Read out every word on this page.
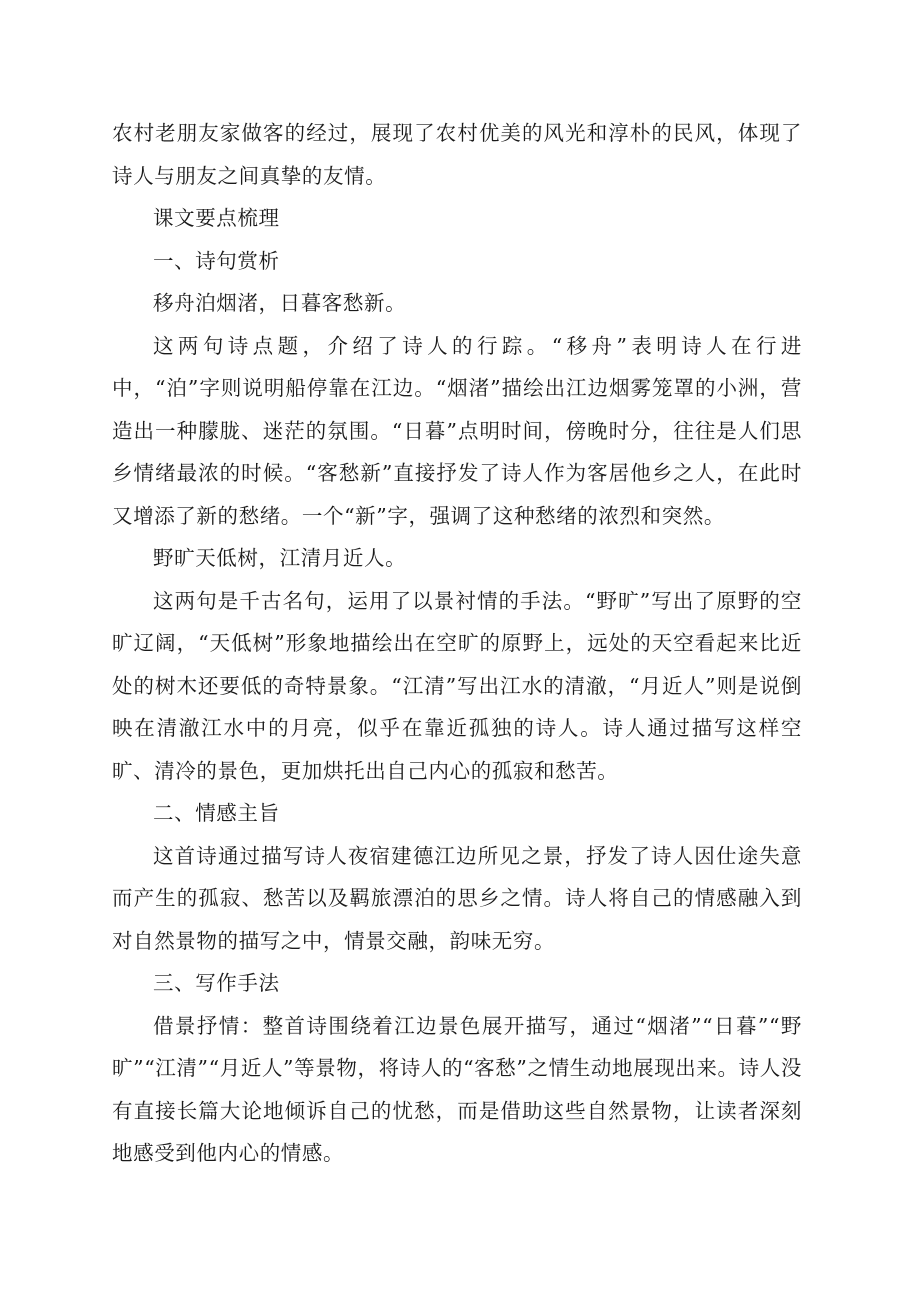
农村老朋友家做客的经过，展现了农村优美的风光和淳朴的民风，体现了诗人与朋友之间真挚的友情。

课文要点梳理

一、诗句赏析

移舟泊烟渚，日暮客愁新。

这两句诗点题，介绍了诗人的行踪。“移舟”表明诗人在行进中，“泊”字则说明船停靠在江边。“烟渚”描绘出江边烟雾笼罩的小洲，营造出一种朦胧、迷茫的氛围。“日暮”点明时间，傍晚时分，往往是人们思乡情绪最浓的时候。“客愁新”直接抒发了诗人作为客居他乡之人，在此时又增添了新的愁绪。一个“新”字，强调了这种愁绪的浓烈和突然。

野旷天低树，江清月近人。

这两句是千古名句，运用了以景衬情的手法。“野旷”写出了原野的空旷辽阔，“天低树”形象地描绘出在空旷的原野上，远处的天空看起来比近处的树木还要低的奇特景象。“江清”写出江水的清澈，“月近人”则是说倒映在清澈江水中的月亮，似乎在靠近孤独的诗人。诗人通过描写这样空旷、清冷的景色，更加烘托出自己内心的孤寂和愁苦。

二、情感主旨

这首诗通过描写诗人夜宿建德江边所见之景，抒发了诗人因仕途失意而产生的孤寂、愁苦以及羁旅漂泊的思乡之情。诗人将自己的情感融入到对自然景物的描写之中，情景交融，韵味无穷。

三、写作手法

借景抒情：整首诗围绕着江边景色展开描写，通过“烟渚”“日暮”“野旷”“江清”“月近人”等景物，将诗人的“客愁”之情生动地展现出来。诗人没有直接长篇大论地倾诉自己的忧愁，而是借助这些自然景物，让读者深刻地感受到他内心的情感。
